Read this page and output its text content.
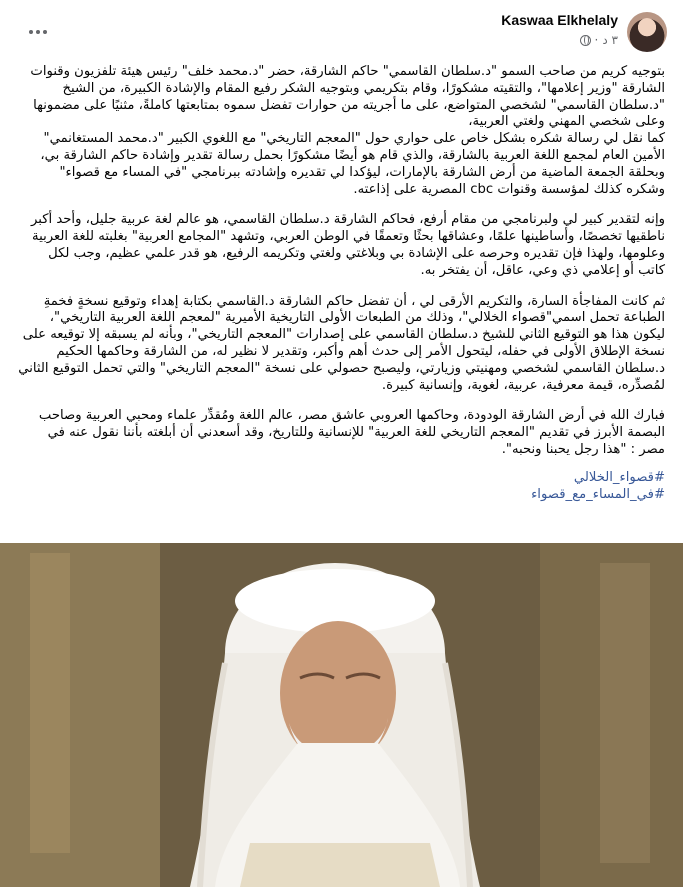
Kaswaa Elkhelaly
· ٣ د

بتوجيه كريم من صاحب السمو "د.سلطان القاسمي" حاكم الشارقة، حضر "د.محمد خلف" رئيس هيئة تلفزيون وقنوات الشارقة "وزير إعلامها"، والتقيته مشكورًا، وقام بتكريمي وبتوجيه الشكر رفيع المقام والإشادة الكبيرة، من الشيخ "د.سلطان القاسمي" لشخصي المتواضع، على ما أجريته من حوارات تفضل سموه بمتابعتها كاملةً، مثنيًا على مضمونها وعلى شخصي المهني ولغتي العربية،
كما نقل لي رسالة شكره بشكل خاص على حواري حول "المعجم التاريخي" مع اللغوي الكبير "د.محمد المستغانمي" الأمين العام لمجمع اللغة العربية بالشارقة، والذي قام هو أيضًا مشكورًا بحمل رسالة تقدير وإشادة حاكم الشارقة بي، وبحلقة الجمعة الماضية من أرض الشارقة بالإمارات، ليؤكدا لي تقديره وإشادته ببرنامجي "في المساء مع قصواء" وشكره كذلك لمؤسسة وقنوات cbc المصرية على إذاعته.

وإنه لتقدير كبير لي ولبرنامجي من مقام أرفع، فحاكم الشارقة د.سلطان القاسمي، هو عالم لغة عربية جليل، وأحد أكبر ناطقيها تخصصًا، وأساطينها علمًا، وعشاقها بحثًا وتعمقًا في الوطن العربي، وتشهد "المجامع العربية" بغلبته للغة العربية وعلومها، ولهذا فإن تقديره وحرصه على الإشادة بي وبلاغتي ولغتي وتكريمه الرفيع، هو قدر علمي عظيم، وجب لكل كاتب أو إعلامي ذي وعي، عاقل، أن يفتخر به.

ثم كانت المفاجأة السارة، والتكريم الأرقى لي ، أن تفضل حاكم الشارقة د.القاسمي بكتابة إهداء وتوقيع نسخةٍ فخمةِ الطباعة تحمل اسمي"قصواء الخلالي"، وذلك من الطبعات الأولى التاريخية الأميرية "لمعجم اللغة العربية التاريخي"، ليكون هذا هو التوقيع الثاني للشيخ د.سلطان القاسمي على إصدارات "المعجم التاريخي"، وبأنه لم يسبقه إلا توقيعه على نسخة الإطلاق الأولى في حفله، ليتحول الأمر إلى حدث أهم وأكبر، وتقدير لا نظير له، من الشارقة وحاكمها الحكيم د.سلطان القاسمي لشخصي ومهنيتي وزيارتي، وليصبح حصولي على نسخة "المعجم التاريخي" والتي تحمل التوقيع الثاني لمُصدِّره، قيمة معرفية، عربية، لغوية، وإنسانية كبيرة.

فبارك الله في أرض الشارقة الودودة، وحاكمها العروبي عاشق مصر، عالم اللغة ومُقدِّر علماء ومحبي العربية وصاحب البصمة الأبرز في تقديم "المعجم التاريخي للغة العربية" للإنسانية وللتاريخ، وقد أسعدني أن أبلغته بأننا نقول عنه في مصر : "هذا رجل يحبنا ونحبه".

#قصواء_الخلالي
#في_المساء_مع_قصواء
